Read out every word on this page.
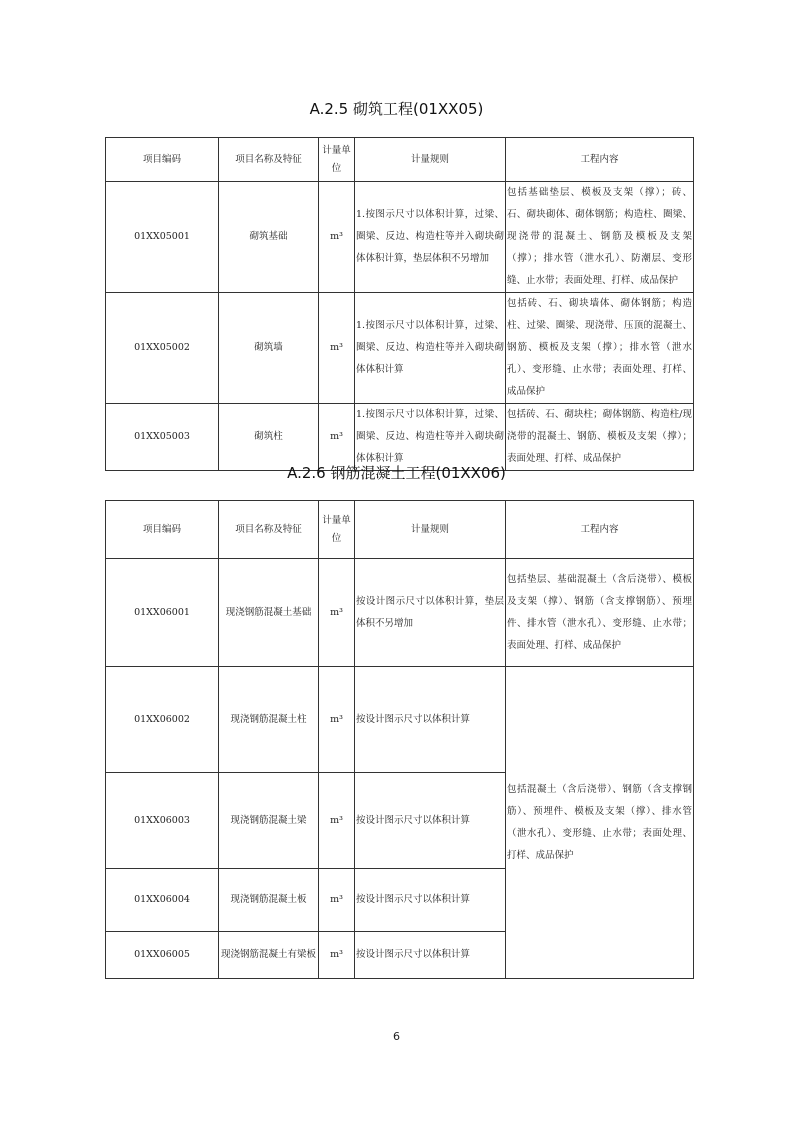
A.2.5 砌筑工程(01XX05)
项目编码	项目名称及特征	计量单位	计量规则	工程内容
01XX05001	砌筑基础	m³	1.按图示尺寸以体积计算，过梁、圈梁、反边、构造柱等并入砌块砌体体积计算，垫层体积不另增加	包括基础垫层、模板及支架（撑）；砖、石、砌块砌体、砌体钢筋；构造柱、圈梁、现浇带的混凝土、钢筋及模板及支架（撑）；排水管（泄水孔）、防潮层、变形缝、止水带；表面处理、打样、成品保护
01XX05002	砌筑墙	m³	1.按图示尺寸以体积计算，过梁、圈梁、反边、构造柱等并入砌块砌体体积计算	包括砖、石、砌块墙体、砌体钢筋；构造柱、过梁、圈梁、现浇带、压顶的混凝土、钢筋、模板及支架（撑）；排水管（泄水孔）、变形缝、止水带；表面处理、打样、成品保护
01XX05003	砌筑柱	m³	1.按图示尺寸以体积计算，过梁、圈梁、反边、构造柱等并入砌块砌体体积计算	包括砖、石、砌块柱；砌体钢筋、构造柱/现浇带的混凝土、钢筋、模板及支架（撑）；表面处理、打样、成品保护
A.2.6 钢筋混凝土工程(01XX06)
项目编码	项目名称及特征	计量单位	计量规则	工程内容
01XX06001	现浇钢筋混凝土基础	m³	按设计图示尺寸以体积计算，垫层体积不另增加	包括垫层、基础混凝土（含后浇带）、模板及支架（撑）、钢筋（含支撑钢筋）、预埋件、排水管（泄水孔）、变形缝、止水带；表面处理、打样、成品保护
01XX06002	现浇钢筋混凝土柱	m³	按设计图示尺寸以体积计算	包括混凝土（含后浇带）、钢筋（含支撑钢筋）、预埋件、模板及支架（撑）、排水管（泄水孔）、变形缝、止水带；表面处理、打样、成品保护
01XX06003	现浇钢筋混凝土梁	m³	按设计图示尺寸以体积计算	
01XX06004	现浇钢筋混凝土板	m³	按设计图示尺寸以体积计算	
01XX06005	现浇钢筋混凝土有梁板	m³	按设计图示尺寸以体积计算	
6
